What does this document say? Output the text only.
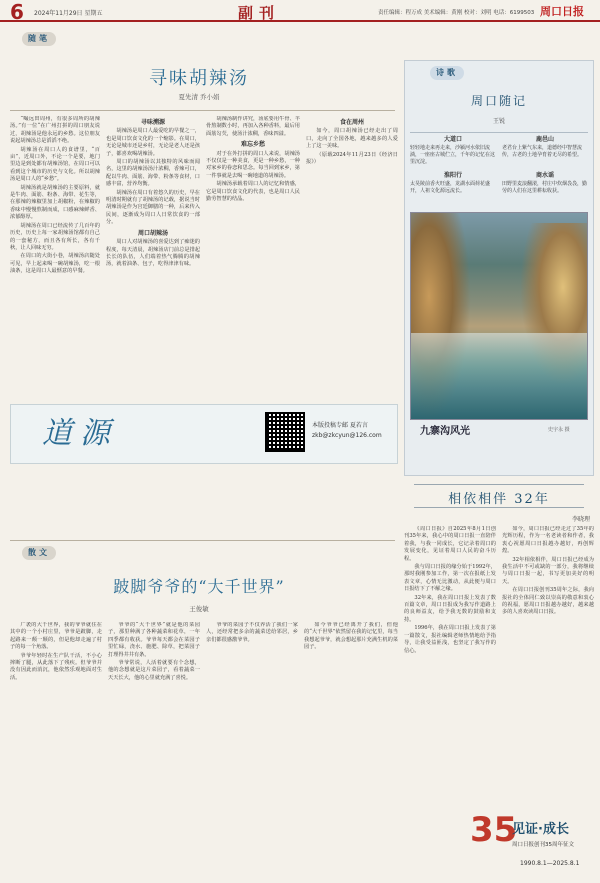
6 2024年11月29日 星期五	副刊	责任编辑：程万成 美术编辑：黄刚 校对：刘明 电话：6199503 周口日报
随笔
寻味胡辣汤
夏先清 乔小娟

“嘬远田周州，有很多周所的胡辣汤。”有一位“在广州打拼的周口朋友说过，胡辣汤是他永远的乡愁。这位朋友说起胡辣汤总是滔滔不绝。

胡辣汤在周口人的食谱里，“百亩”，近周口外，不论一个是要，地门里边是到处都有胡辣汤馆，在周口可以看到这个城市的历史与文化。所以胡辣汤是周口人的“乡愁”。

胡辣汤就是胡辣汤的主要原料，就是牛肉、面筋、粉条、海带、花生等，在那辣的辣椒里加上胡椒粉，在辣椒的香味中慢慢熬制而成，口感麻辣鲜香、浓郁醇厚。

胡辣汤在周口已经流传了几百年的历史，历史上每一家胡辣汤馆都有自己的一套秘方，而且各有所长，各有千秋，让人回味无穷。

在周口的大街小巷，胡辣汤店随处可见，早上起来喝一碗胡辣汤，吃一根油条，这是周口人最惬意的早餐。

寻味溯源

胡辣汤是周口人最爱吃的早餐之一，也是周口饮食文化的一个缩影。在周口，无论是城市还是乡村，无论是老人还是孩子，都喜欢喝胡辣汤。

周口的胡辣汤以其独特的风味而闻名，这里的胡辣汤汤汁浓稠，香辣可口，配以牛肉、面筋、海带、粉条等食材，口感丰富，营养均衡。

胡辣汤在周口有着悠久的历史，早在明清时期就有了胡辣汤的记载，据说当时胡辣汤是作为宫廷御膳的一种，后来传入民间，逐渐成为周口人日常饮食的一部分。

周口胡辣汤

周口人对胡辣汤的喜爱达到了痴迷的程度，每天清晨，胡辣汤店门前总是排起长长的队伍，人们端着热气腾腾的胡辣汤，就着油条、包子，吃得津津有味。

胡辣汤制作讲究，汤底要用牛骨、羊骨熬制数小时，再加入各种香料，最后用面筋勾芡，使汤汁浓稠，香味四溢。

难忘乡愁

对于在外打拼的周口人来说，胡辣汤不仅仅是一种美食，更是一种乡愁，一种对家乡的眷恋和思念。每当回到家乡，第一件事就是去喝一碗地道的胡辣汤。

胡辣汤承载着周口人的记忆和情感，它是周口饮食文化的代表，也是周口人民勤劳智慧的结晶。

食在周州

如今，周口胡辣汤已经走出了周口，走向了全国各地，越来越多的人爱上了这一美味。

（原载2024年11月23日《经济日报》）

道源	本版投稿专邮 夏若言
zkb@zkcyun@126.com
散文
跛脚爷爷的“大千世界”
王俊敏

广袤的大千世界，我的爷爷就住在其中的一个小村庄里，爷爷是跛脚，走起路来一颠一颠的，但是他却走遍了村子的每一个角落。

爷爷年轻时在生产队干活，不小心摔断了腿，从此落下了残疾。但爷爷并没有因此而消沉，他依然乐观地面对生活。

爷爷的“大千世界”就是他的菜园子，那里种满了各种蔬菜和花草，一年四季都有收获。爷爷每天都会在菜园子里忙碌，浇水、施肥、除草，把菜园子打理得井井有条。

爷爷常说，人活着就要有个念想，他的念想就是这片菜园子，看着蔬菜一天天长大，他的心里就充满了喜悦。

爷爷的菜园子不仅养活了我们一家人，还经常把多余的蔬菜送给邻居，乡亲们都很感激爷爷。

如今爷爷已经离开了我们，但他的“大千世界”依然留在我的记忆里，每当我想起爷爷，就会想起那片充满生机的菜园子。

诗歌
周口随记
王锐
大道口
轻轻地走来再走来，沙颍河水依旧流淌，一座座古城伫立，千年的记忆在这里沉淀。
鹿邑山
老君台上紫气东来，道德经中智慧流传，古老的土地孕育着无尽的希望。
淮阳行
太昊陵前香火旺盛，龙湖水面荷花盛开，人祖文化源远流长。
商水谣
田野里麦浪翻滚，村庄中炊烟袅袅，勤劳的人们在这里耕耘收获。
九寨沟风光	史宇永 摄
相依相伴 32年
李晓理

《周口日报》自2025年8月1日创刊35年来，我心中的周口日报一直陪伴着我，与我一同成长，它记录着周口的发展变化，见证着周口人民的奋斗历程。

我与周口日报的缘分始于1992年，那时我刚参加工作，第一次在报纸上发表文章，心情无比激动，从此便与周口日报结下了不解之缘。

32年来，我在周口日报上发表了数百篇文章，周口日报成为我写作道路上的良师益友，给予我无数的鼓励和支持。

1996年，我在周口日报上发表了第一篇散文，报社编辑老师热情地给予指导，让我受益匪浅，也坚定了我写作的信心。

如今，周口日报已经走过了35年的光辉历程，作为一名老读者和作者，我衷心祝愿周口日报越办越好，再创辉煌。

32年相依相伴，周口日报已经成为我生活中不可或缺的一部分，我将继续与周口日报一起，书写更加美好的明天。

在周口日报创刊35周年之际，我向报社的全体同仁致以崇高的敬意和衷心的祝福，愿周口日报越办越好，越来越多的人喜欢读周口日报。

35
见证·成长
周口日报创刊35周年征文
1990.8.1—2025.8.1
